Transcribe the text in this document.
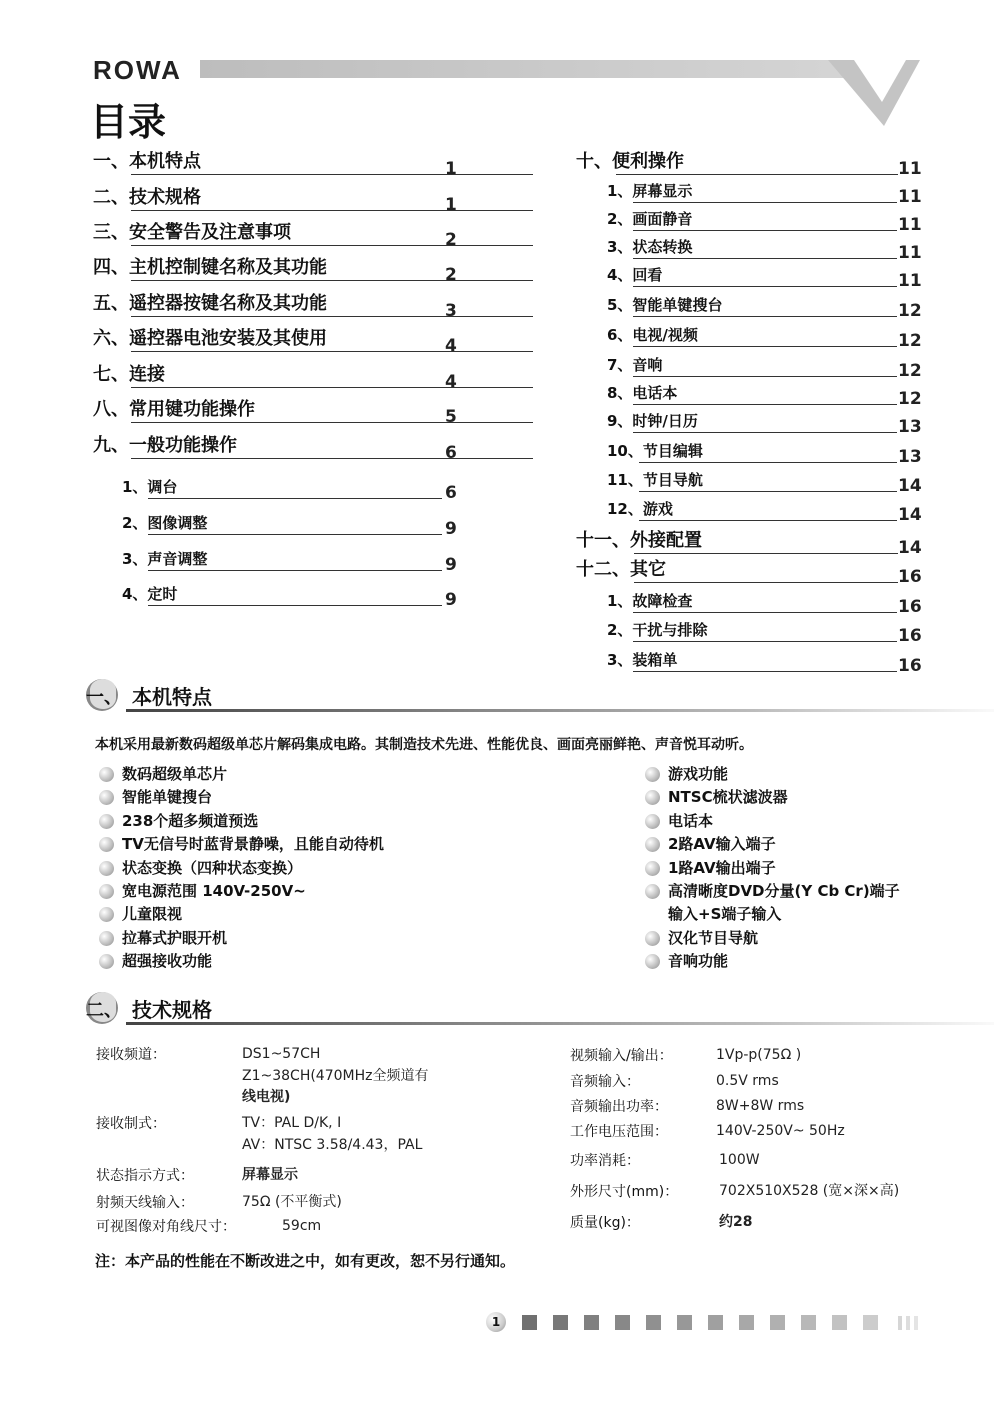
ROWA
目录
一、本机特点	1
二、技术规格	1
三、安全警告及注意事项	2
四、主机控制键名称及其功能	2
五、遥控器按键名称及其功能	3
六、遥控器电池安装及其使用	4
七、连接	4
八、常用键功能操作	5
九、一般功能操作	6
1、调台	6
2、图像调整	9
3、声音调整	9
4、定时	9
十、便利操作	11
1、屏幕显示	11
2、画面静音	11
3、状态转换	11
4、回看	11
5、智能单键搜台	12
6、电视/视频	12
7、音响	12
8、电话本	12
9、时钟/日历	13
10、节目编辑	13
11、节目导航	14
12、游戏	14
十一、外接配置	14
十二、其它	16
1、故障检查	16
2、干扰与排除	16
3、装箱单	16
一、 本机特点
本机采用最新数码超级单芯片解码集成电路。其制造技术先进、性能优良、画面亮丽鲜艳、声音悦耳动听。
数码超级单芯片
智能单键搜台
238个超多频道预选
TV无信号时蓝背景静噪，且能自动待机
状态变换（四种状态变换）
宽电源范围 140V-250V~
儿童限视
拉幕式护眼开机
超强接收功能
游戏功能
NTSC梳状滤波器
电话本
2路AV输入端子
1路AV输出端子
高清晰度DVD分量(Y Cb Cr)端子
输入+S端子输入
汉化节目导航
音响功能
二、 技术规格
接收频道：	DS1~57CH
Z1~38CH(470MHz全频道有
线电视)
接收制式：	TV：PAL D/K, I
AV：NTSC 3.58/4.43，PAL
状态指示方式：	屏幕显示
射频天线输入：	75Ω (不平衡式)
可视图像对角线尺寸：	59cm
视频输入/输出：	1Vp-p(75Ω )
音频输入：	0.5V rms
音频输出功率：	8W+8W rms
工作电压范围：	140V-250V~ 50Hz
功率消耗：	100W
外形尺寸(mm)：	702X510X528 (宽×深×高)
质量(kg)：	约28
注：本产品的性能在不断改进之中，如有更改，恕不另行通知。
1
